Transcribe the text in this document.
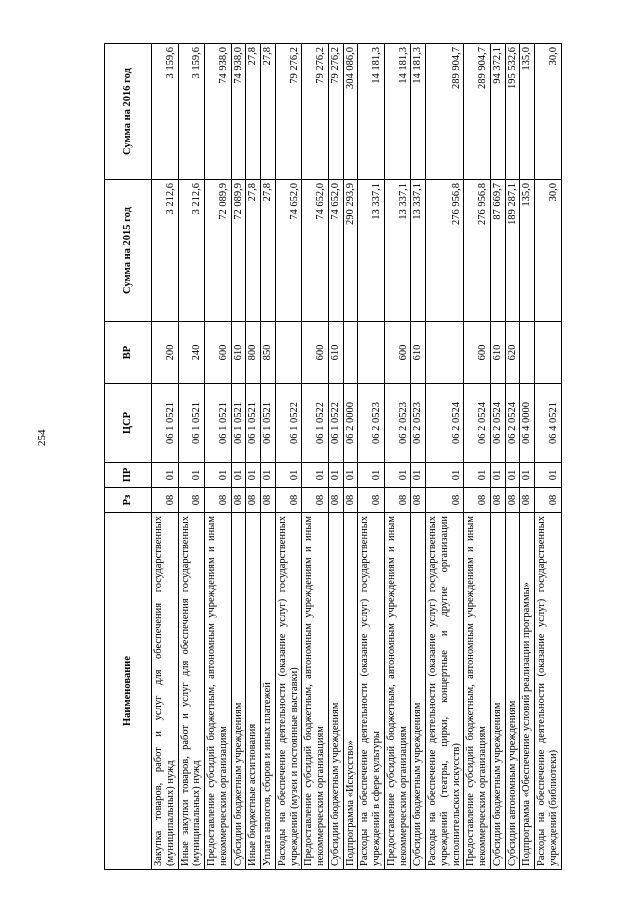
254
Наименование	Рз	ПР	ЦСР	ВР	Сумма на 2015 год	Сумма на 2016 год
Закупка товаров, работ и услуг для обеспечения государственных (муниципальных) нужд	08	01	06 1 0521	200	3 212,6	3 159,6
Иные закупки товаров, работ и услуг для обеспечения государственных (муниципальных) нужд	08	01	06 1 0521	240	3 212,6	3 159,6
Предоставление субсидий бюджетным, автономным учреждениям и иным некоммерческим организациям	08	01	06 1 0521	600	72 089,9	74 938,0
Субсидии бюджетным учреждениям	08	01	06 1 0521	610	72 089,9	74 938,0
Иные бюджетные ассигнования	08	01	06 1 0521	800	27,8	27,8
Уплата налогов, сборов и иных платежей	08	01	06 1 0521	850	27,8	27,8
Расходы на обеспечение деятельности (оказание услуг) государственных учреждений (музеи и постоянные выставки)	08	01	06 1 0522		74 652,0	79 276,2
Предоставление субсидий бюджетным, автономным учреждениям и иным некоммерческим организациям	08	01	06 1 0522	600	74 652,0	79 276,2
Субсидии бюджетным учреждениям	08	01	06 1 0522	610	74 652,0	79 276,2
Подпрограмма «Искусство»	08	01	06 2 0000		290 293,9	304 086,0
Расходы на обеспечение деятельности (оказание услуг) государственных учреждений в сфере культуры	08	01	06 2 0523		13 337,1	14 181,3
Предоставление субсидий бюджетным, автономным учреждениям и иным некоммерческим организациям	08	01	06 2 0523	600	13 337,1	14 181,3
Субсидии бюджетным учреждениям	08	01	06 2 0523	610	13 337,1	14 181,3
Расходы на обеспечение деятельности (оказание услуг) государственных учреждений (театры, цирки, концертные и другие организации исполнительских искусств)	08	01	06 2 0524		276 956,8	289 904,7
Предоставление субсидий бюджетным, автономным учреждениям и иным некоммерческим организациям	08	01	06 2 0524	600	276 956,8	289 904,7
Субсидии бюджетным учреждениям	08	01	06 2 0524	610	87 669,7	94 372,1
Субсидии автономным учреждениям	08	01	06 2 0524	620	189 287,1	195 532,6
Подпрограмма «Обеспечение условий реализации программы»	08	01	06 4 0000		135,0	135,0
Расходы на обеспечение деятельности (оказание услуг) государственных учреждений (библиотеки)	08	01	06 4 0521		30,0	30,0
